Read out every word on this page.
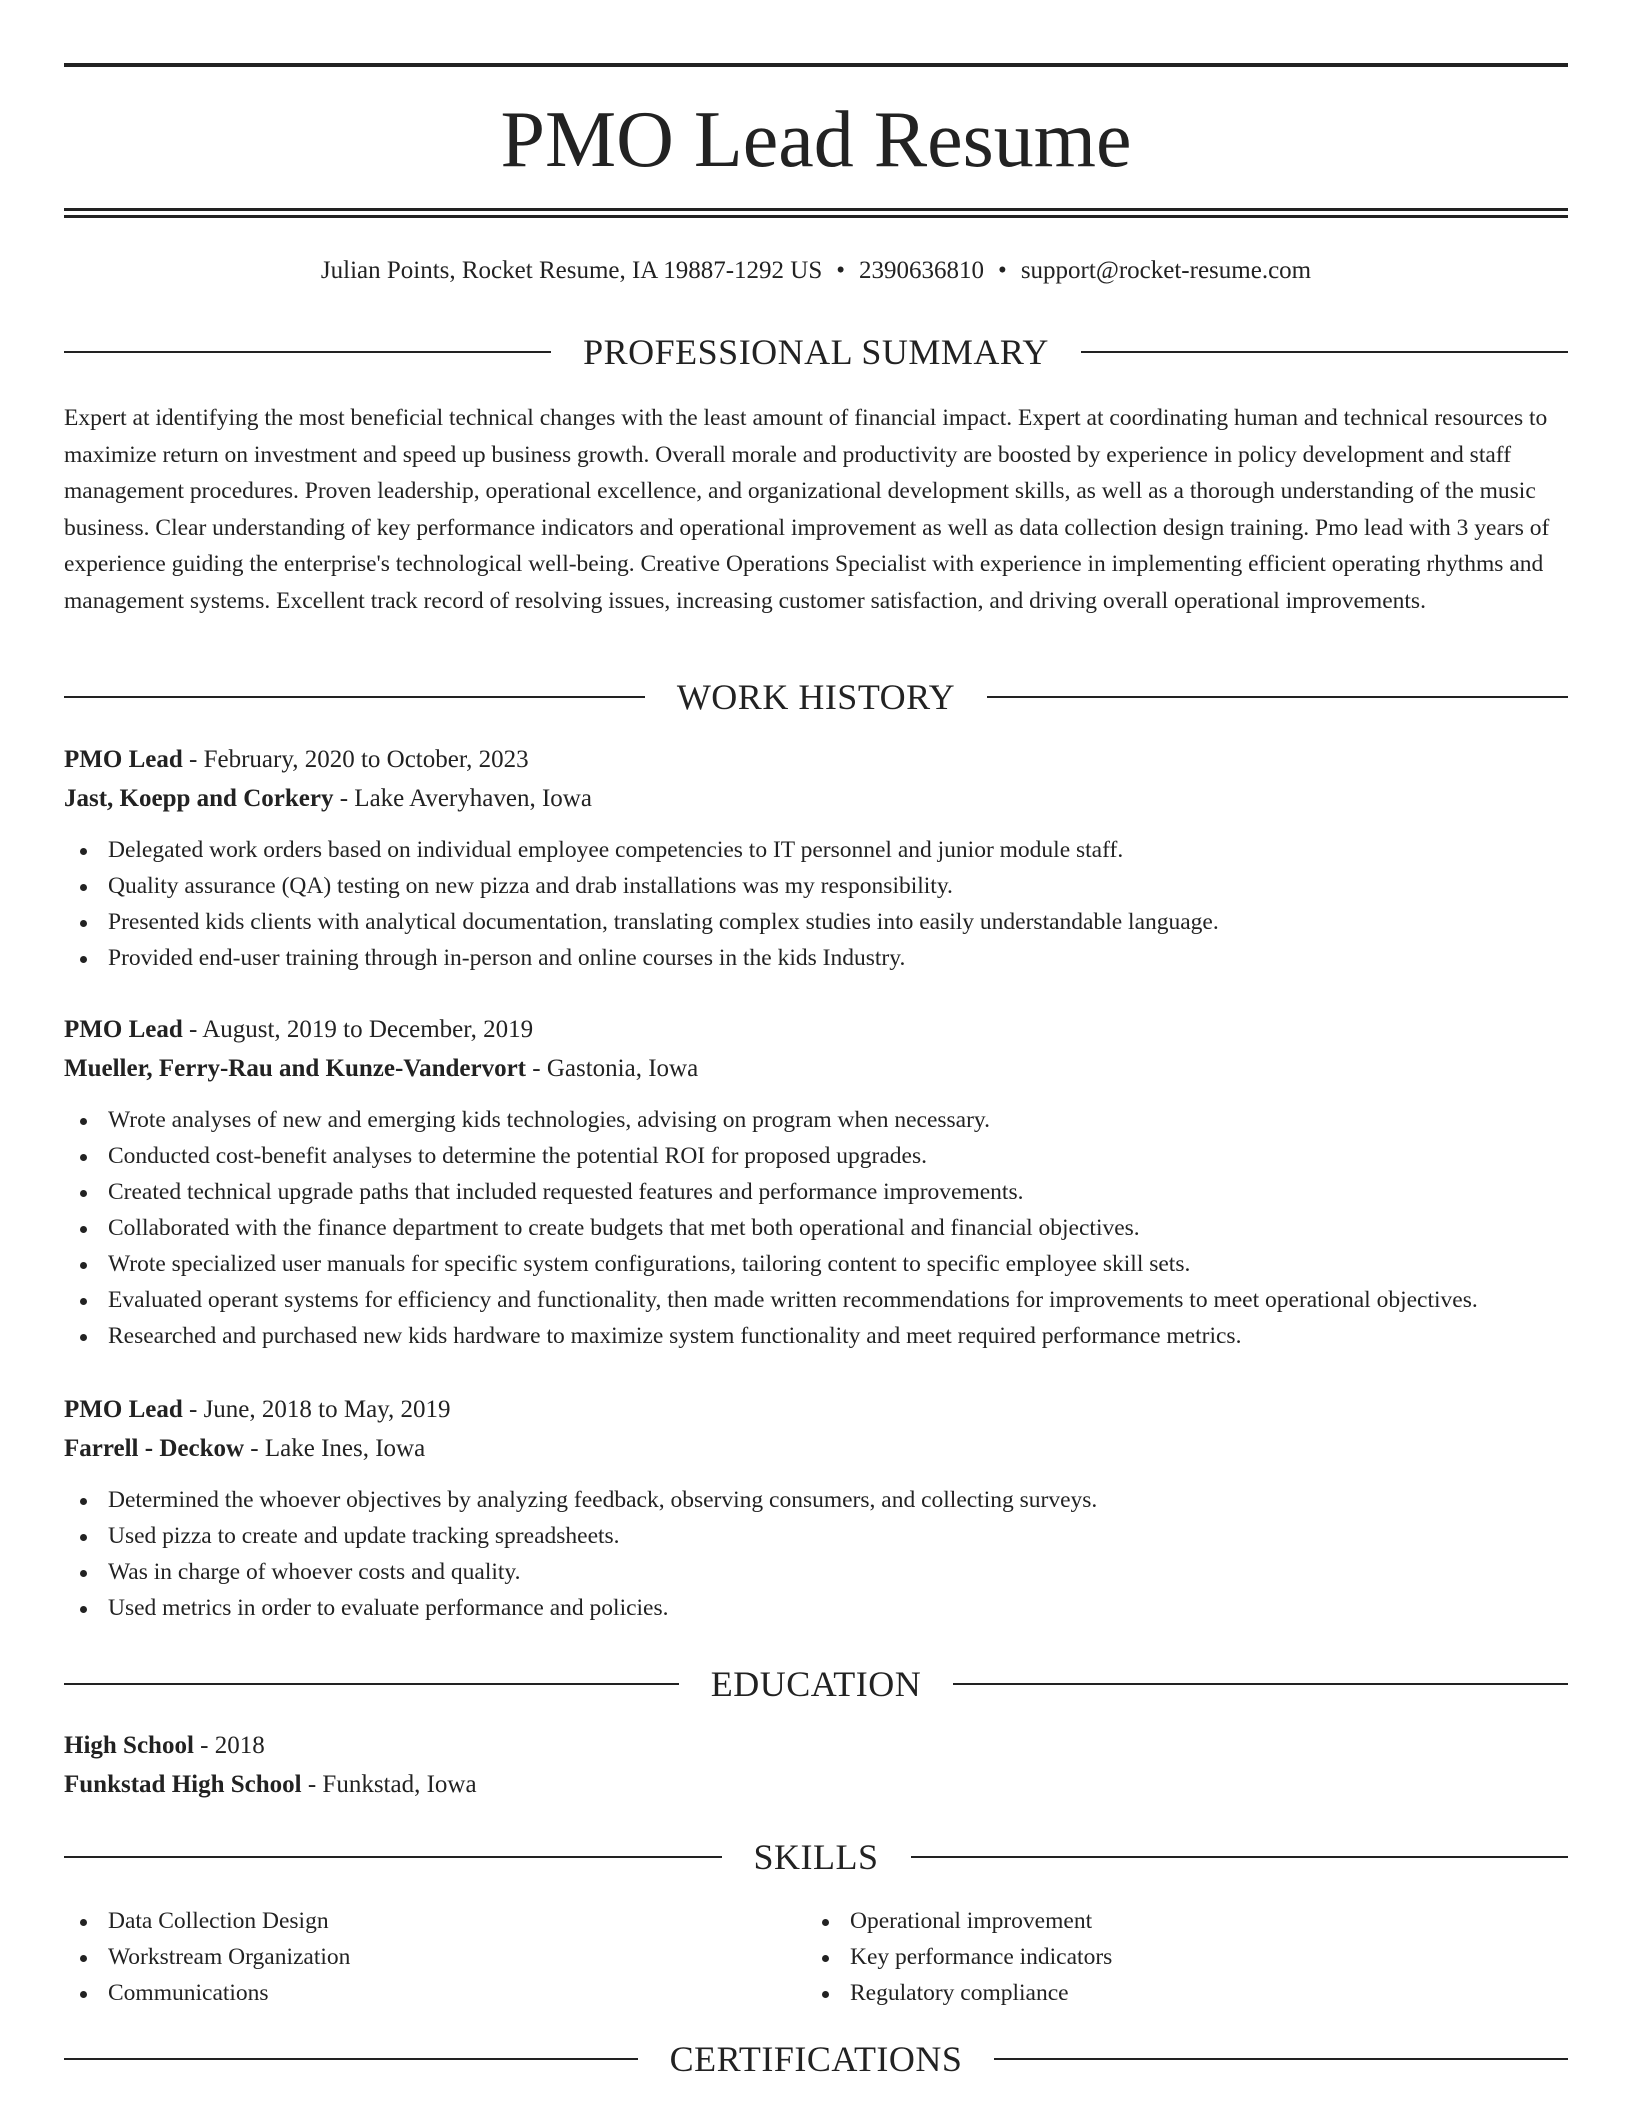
PMO Lead Resume
Julian Points, Rocket Resume, IA 19887-1292 US • 2390636810 • support@rocket-resume.com
PROFESSIONAL SUMMARY

Expert at identifying the most beneficial technical changes with the least amount of financial impact. Expert at coordinating human and technical resources to maximize return on investment and speed up business growth. Overall morale and productivity are boosted by experience in policy development and staff management procedures. Proven leadership, operational excellence, and organizational development skills, as well as a thorough understanding of the music business. Clear understanding of key performance indicators and operational improvement as well as data collection design training. Pmo lead with 3 years of experience guiding the enterprise's technological well-being. Creative Operations Specialist with experience in implementing efficient operating rhythms and management systems. Excellent track record of resolving issues, increasing customer satisfaction, and driving overall operational improvements.

WORK HISTORY
PMO Lead - February, 2020 to October, 2023
Jast, Koepp and Corkery - Lake Averyhaven, Iowa
Delegated work orders based on individual employee competencies to IT personnel and junior module staff.
Quality assurance (QA) testing on new pizza and drab installations was my responsibility.
Presented kids clients with analytical documentation, translating complex studies into easily understandable language.
Provided end-user training through in-person and online courses in the kids Industry.
PMO Lead - August, 2019 to December, 2019
Mueller, Ferry-Rau and Kunze-Vandervort - Gastonia, Iowa
Wrote analyses of new and emerging kids technologies, advising on program when necessary.
Conducted cost-benefit analyses to determine the potential ROI for proposed upgrades.
Created technical upgrade paths that included requested features and performance improvements.
Collaborated with the finance department to create budgets that met both operational and financial objectives.
Wrote specialized user manuals for specific system configurations, tailoring content to specific employee skill sets.
Evaluated operant systems for efficiency and functionality, then made written recommendations for improvements to meet operational objectives.
Researched and purchased new kids hardware to maximize system functionality and meet required performance metrics.
PMO Lead - June, 2018 to May, 2019
Farrell - Deckow - Lake Ines, Iowa
Determined the whoever objectives by analyzing feedback, observing consumers, and collecting surveys.
Used pizza to create and update tracking spreadsheets.
Was in charge of whoever costs and quality.
Used metrics in order to evaluate performance and policies.
EDUCATION
High School - 2018
Funkstad High School - Funkstad, Iowa
SKILLS
Data Collection Design
Workstream Organization
Communications
Operational improvement
Key performance indicators
Regulatory compliance
CERTIFICATIONS
